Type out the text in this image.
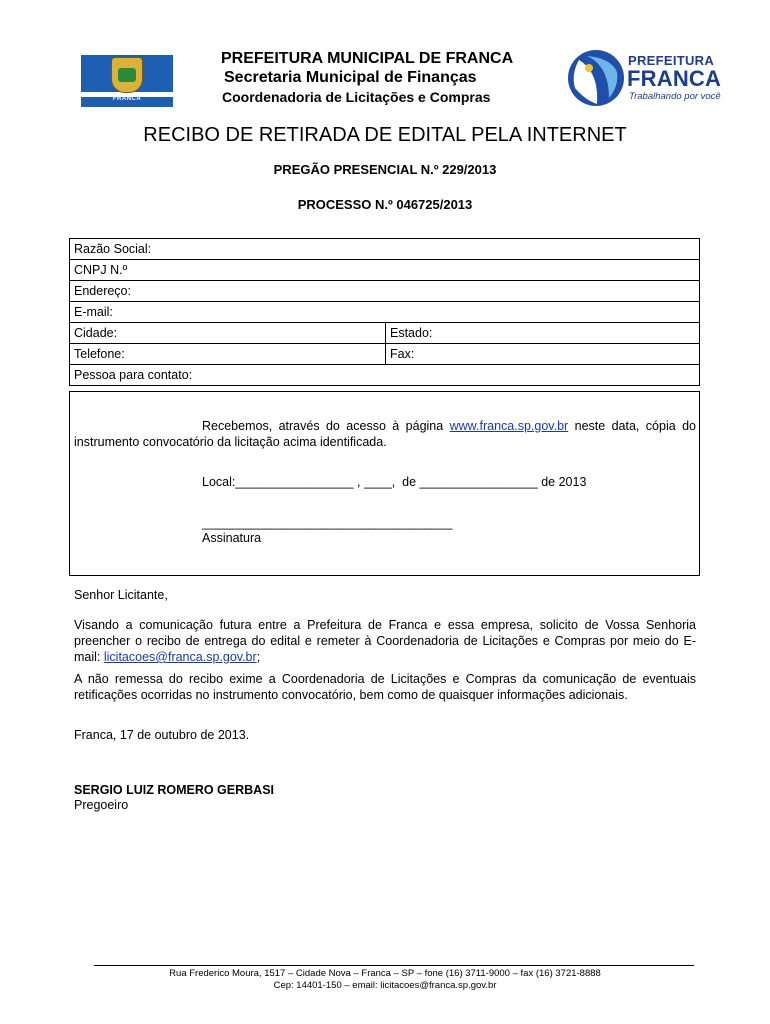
FRANCA
PREFEITURA MUNICIPAL DE FRANCA
Secretaria Municipal de Finanças
Coordenadoria de Licitações e Compras
PREFEITURA
FRANCA
Trabalhando por você
RECIBO DE RETIRADA DE EDITAL PELA INTERNET
PREGÃO PRESENCIAL N.º 229/2013
PROCESSO N.º 046725/2013
Razão Social:	
CNPJ N.º	
Endereço:	
E-mail:	
Cidade:	Estado:
Telefone:	Fax:
Pessoa para contato:	
Recebemos, através do acesso à página www.franca.sp.gov.br neste data, cópia do instrumento convocatório da licitação acima identificada.
Local:_________________ , ____,  de _________________ de 2013
____________________________________
Assinatura
Senhor Licitante,
Visando a comunicação futura entre a Prefeitura de Franca e essa empresa, solicito de Vossa Senhoria preencher o recibo de entrega do edital e remeter à Coordenadoria de Licitações e Compras por meio do E-mail: licitacoes@franca.sp.gov.br;
A não remessa do recibo exime a Coordenadoria de Licitações e Compras da comunicação de eventuais retificações ocorridas no instrumento convocatório, bem como de quaisquer informações adicionais.
Franca, 17 de outubro de 2013.
SERGIO LUIZ ROMERO GERBASI
Pregoeiro
Rua Frederico Moura, 1517 – Cidade Nova – Franca – SP – fone (16) 3711-9000 – fax (16) 3721-8888
Cep: 14401-150 – email: licitacoes@franca.sp.gov.br
